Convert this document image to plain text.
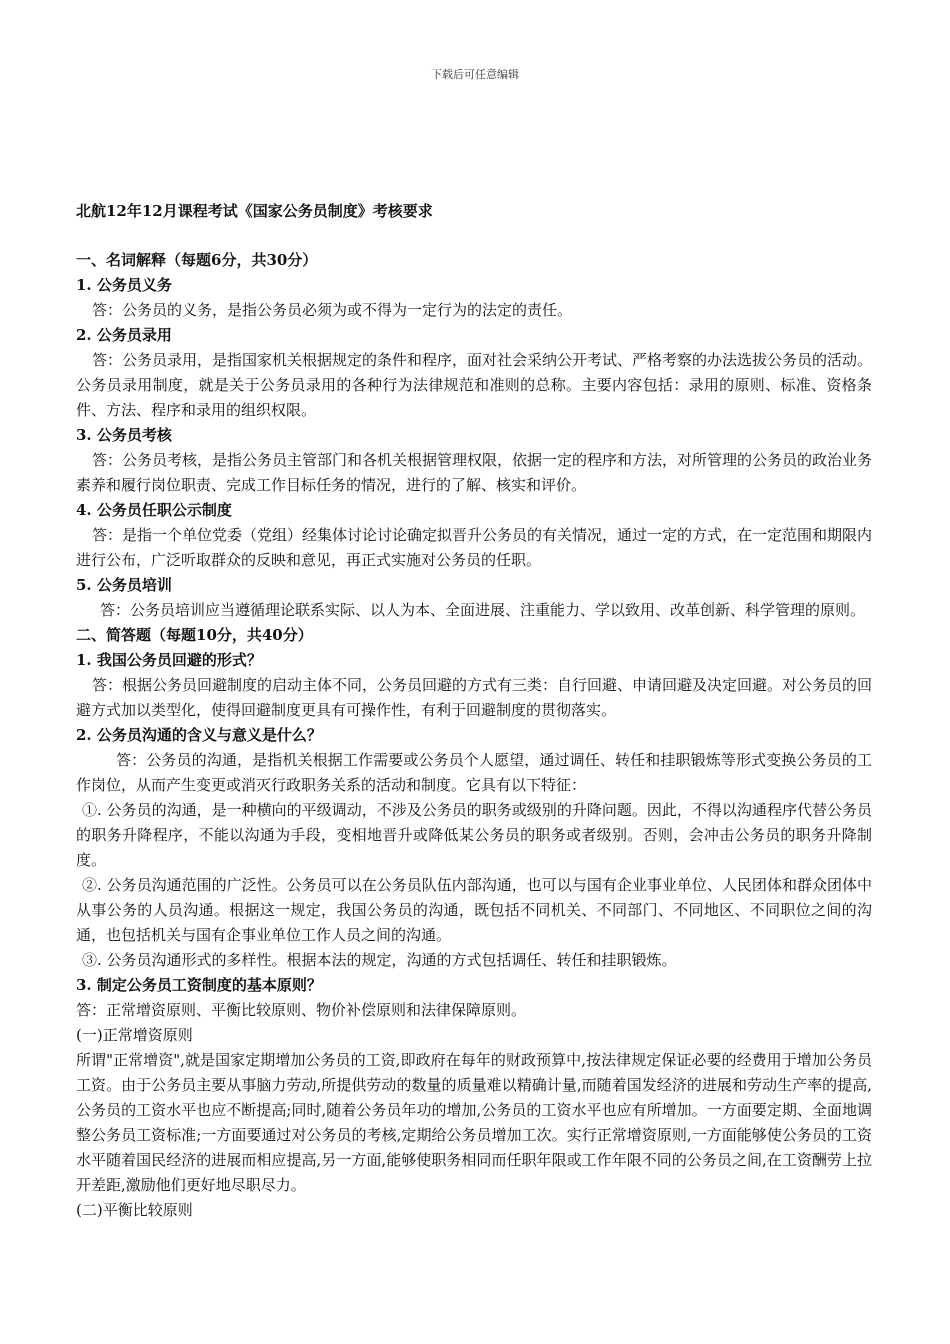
下载后可任意编辑
北航12年12月课程考试《国家公务员制度》考核要求
一、名词解释（每题6分，共30分）
1. 公务员义务
答：公务员的义务，是指公务员必须为或不得为一定行为的法定的责任。
2. 公务员录用
答：公务员录用，是指国家机关根据规定的条件和程序，面对社会采纳公开考试、严格考察的办法选拔公务员的活动。公务员录用制度，就是关于公务员录用的各种行为法律规范和准则的总称。主要内容包括：录用的原则、标准、资格条件、方法、程序和录用的组织权限。
3. 公务员考核
答：公务员考核，是指公务员主管部门和各机关根据管理权限，依据一定的程序和方法，对所管理的公务员的政治业务素养和履行岗位职责、完成工作目标任务的情况，进行的了解、核实和评价。
4. 公务员任职公示制度
答：是指一个单位党委（党组）经集体讨论讨论确定拟晋升公务员的有关情况，通过一定的方式，在一定范围和期限内进行公布，广泛听取群众的反映和意见，再正式实施对公务员的任职。
5. 公务员培训
答：公务员培训应当遵循理论联系实际、以人为本、全面进展、注重能力、学以致用、改革创新、科学管理的原则。
二、简答题（每题10分，共40分）
1. 我国公务员回避的形式？
答：根据公务员回避制度的启动主体不同，公务员回避的方式有三类：自行回避、申请回避及决定回避。对公务员的回避方式加以类型化，使得回避制度更具有可操作性，有利于回避制度的贯彻落实。
2. 公务员沟通的含义与意义是什么？
答：公务员的沟通，是指机关根据工作需要或公务员个人愿望，通过调任、转任和挂职锻炼等形式变换公务员的工作岗位，从而产生变更或消灭行政职务关系的活动和制度。它具有以下特征：
①. 公务员的沟通，是一种横向的平级调动，不涉及公务员的职务或级别的升降问题。因此，不得以沟通程序代替公务员的职务升降程序，不能以沟通为手段，变相地晋升或降低某公务员的职务或者级别。否则，会冲击公务员的职务升降制度。
②. 公务员沟通范围的广泛性。公务员可以在公务员队伍内部沟通，也可以与国有企业事业单位、人民团体和群众团体中从事公务的人员沟通。根据这一规定，我国公务员的沟通，既包括不同机关、不同部门、不同地区、不同职位之间的沟通，也包括机关与国有企事业单位工作人员之间的沟通。
③. 公务员沟通形式的多样性。根据本法的规定，沟通的方式包括调任、转任和挂职锻炼。
3. 制定公务员工资制度的基本原则？
答：正常增资原则、平衡比较原则、物价补偿原则和法律保障原则。
(一)正常增资原则
所谓"正常增资",就是国家定期增加公务员的工资,即政府在每年的财政预算中,按法律规定保证必要的经费用于增加公务员工资。由于公务员主要从事脑力劳动,所提供劳动的数量的质量难以精确计量,而随着国发经济的进展和劳动生产率的提高,公务员的工资水平也应不断提高;同时,随着公务员年功的增加,公务员的工资水平也应有所增加。一方面要定期、全面地调整公务员工资标准;一方面要通过对公务员的考核,定期给公务员增加工次。实行正常增资原则,一方面能够使公务员的工资水平随着国民经济的进展而相应提高,另一方面,能够使职务相同而任职年限或工作年限不同的公务员之间,在工资酬劳上拉开差距,激励他们更好地尽职尽力。
(二)平衡比较原则
